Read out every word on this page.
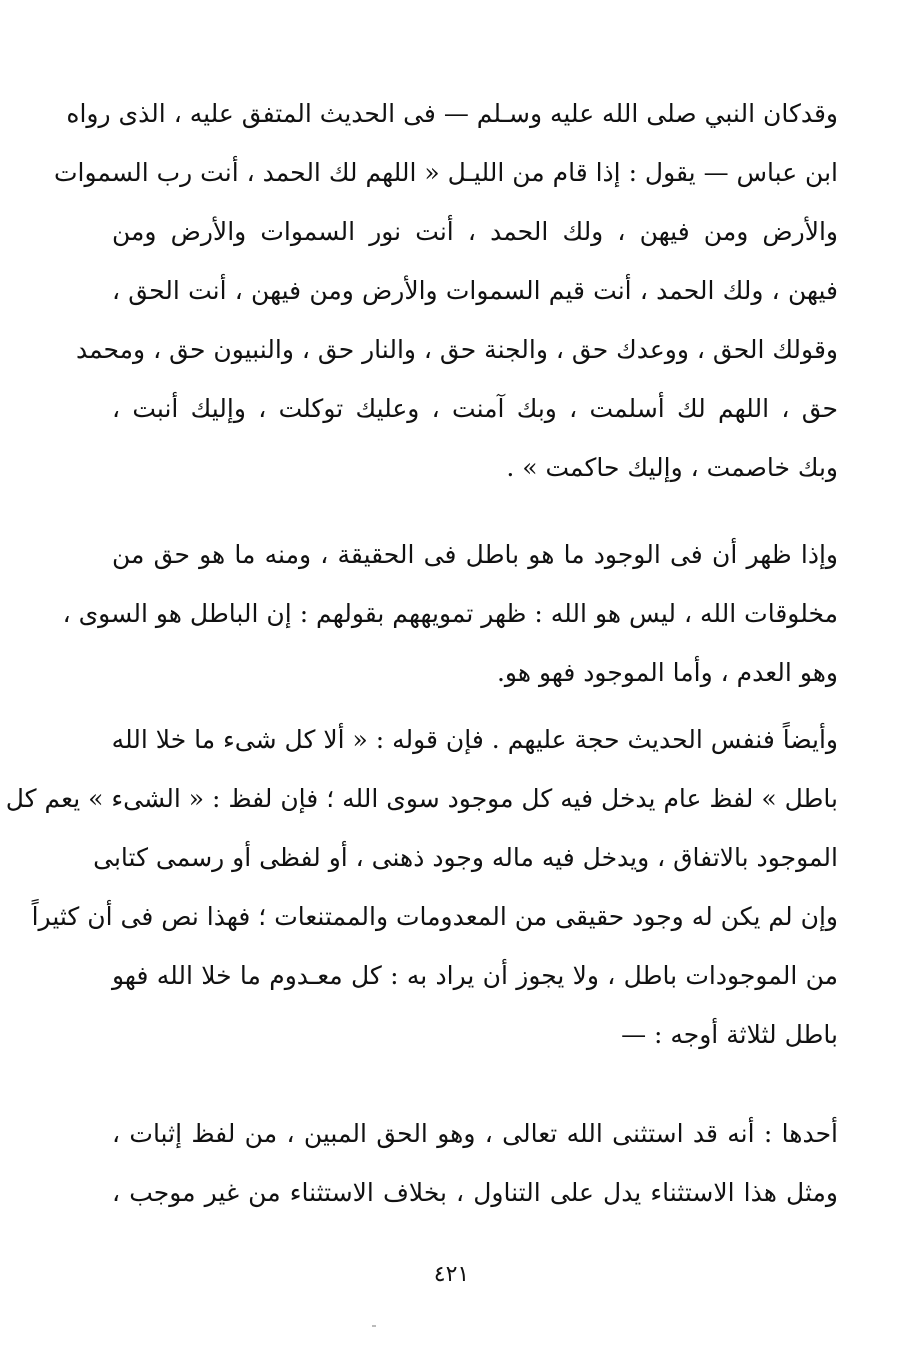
وقدكان النبي صلى الله عليه وسـلم — فى الحديث المتفق عليه ، الذى رواه
ابن عباس — يقول : إذا قام من الليـل « اللهم لك الحمد ، أنت رب السموات
والأرض ومن فيهن ، ولك الحمد ، أنت نور السموات والأرض ومن
فيهن ، ولك الحمد ، أنت قيم السموات والأرض ومن فيهن ، أنت الحق ،
وقولك الحق ، ووعدك حق ، والجنة حق ، والنار حق ، والنبيون حق ، ومحمد
حق ، اللهم لك أسلمت ، وبك آمنت ، وعليك توكلت ، وإليك أنبت ،
وبك خاصمت ، وإليك حاكمت » .
وإذا ظهر أن فى الوجود ما هو باطل فى الحقيقة ، ومنه ما هو حق من
مخلوقات الله ، ليس هو الله : ظهر تمويههم بقولهم : إن الباطل هو السوى ،
وهو العدم ، وأما الموجود فهو هو.
وأيضاً فنفس الحديث حجة عليهم . فإن قوله : « ألا كل شىء ما خلا الله
باطل » لفظ عام يدخل فيه كل موجود سوى الله ؛ فإن لفظ : « الشىء » يعم كل
الموجود بالاتفاق ، ويدخل فيه ماله وجود ذهنى ، أو لفظى أو رسمى كتابى
وإن لم يكن له وجود حقيقى من المعدومات والممتنعات ؛ فهذا نص فى أن كثيراً
من الموجودات باطل ، ولا يجوز أن يراد به : كل معـدوم ما خلا الله فهو
باطل لثلاثة أوجه : —
أحدها : أنه قد استثنى الله تعالى ، وهو الحق المبين ، من لفظ إثبات ،
ومثل هذا الاستثناء يدل على التناول ، بخلاف الاستثناء من غير موجب ،
٤٢١
